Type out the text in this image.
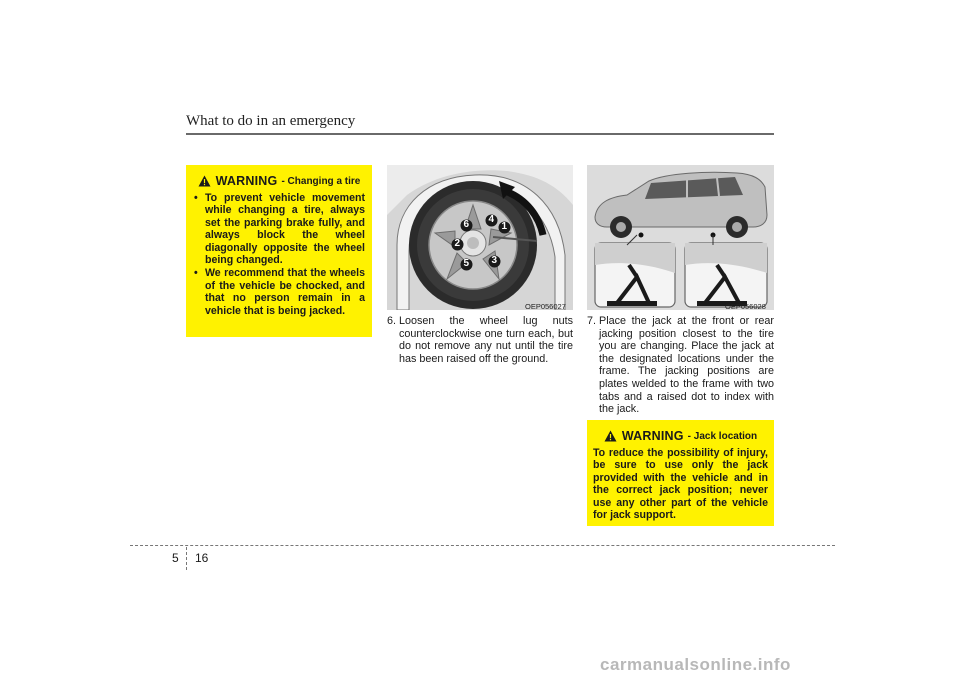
What to do in an emergency
WARNING - Changing a tire
• To prevent vehicle movement while changing a tire, always set the parking brake fully, and always block the wheel diagonally opposite the wheel being changed.
• We recommend that the wheels of the vehicle be chocked, and that no person remain in a vehicle that is being jacked.
1
2
3
4
5
6
OEP056027	OEP056028
6. Loosen the wheel lug nuts counterclockwise one turn each, but do not remove any nut until the tire has been raised off the ground.
7. Place the jack at the front or rear jacking position closest to the tire you are changing. Place the jack at the designated locations under the frame. The jacking positions are plates welded to the frame with two tabs and a raised dot to index with the jack.
WARNING - Jack location

To reduce the possibility of injury, be sure to use only the jack provided with the vehicle and in the correct jack position; never use any other part of the vehicle for jack support.

5 16
carmanualsonline.info
